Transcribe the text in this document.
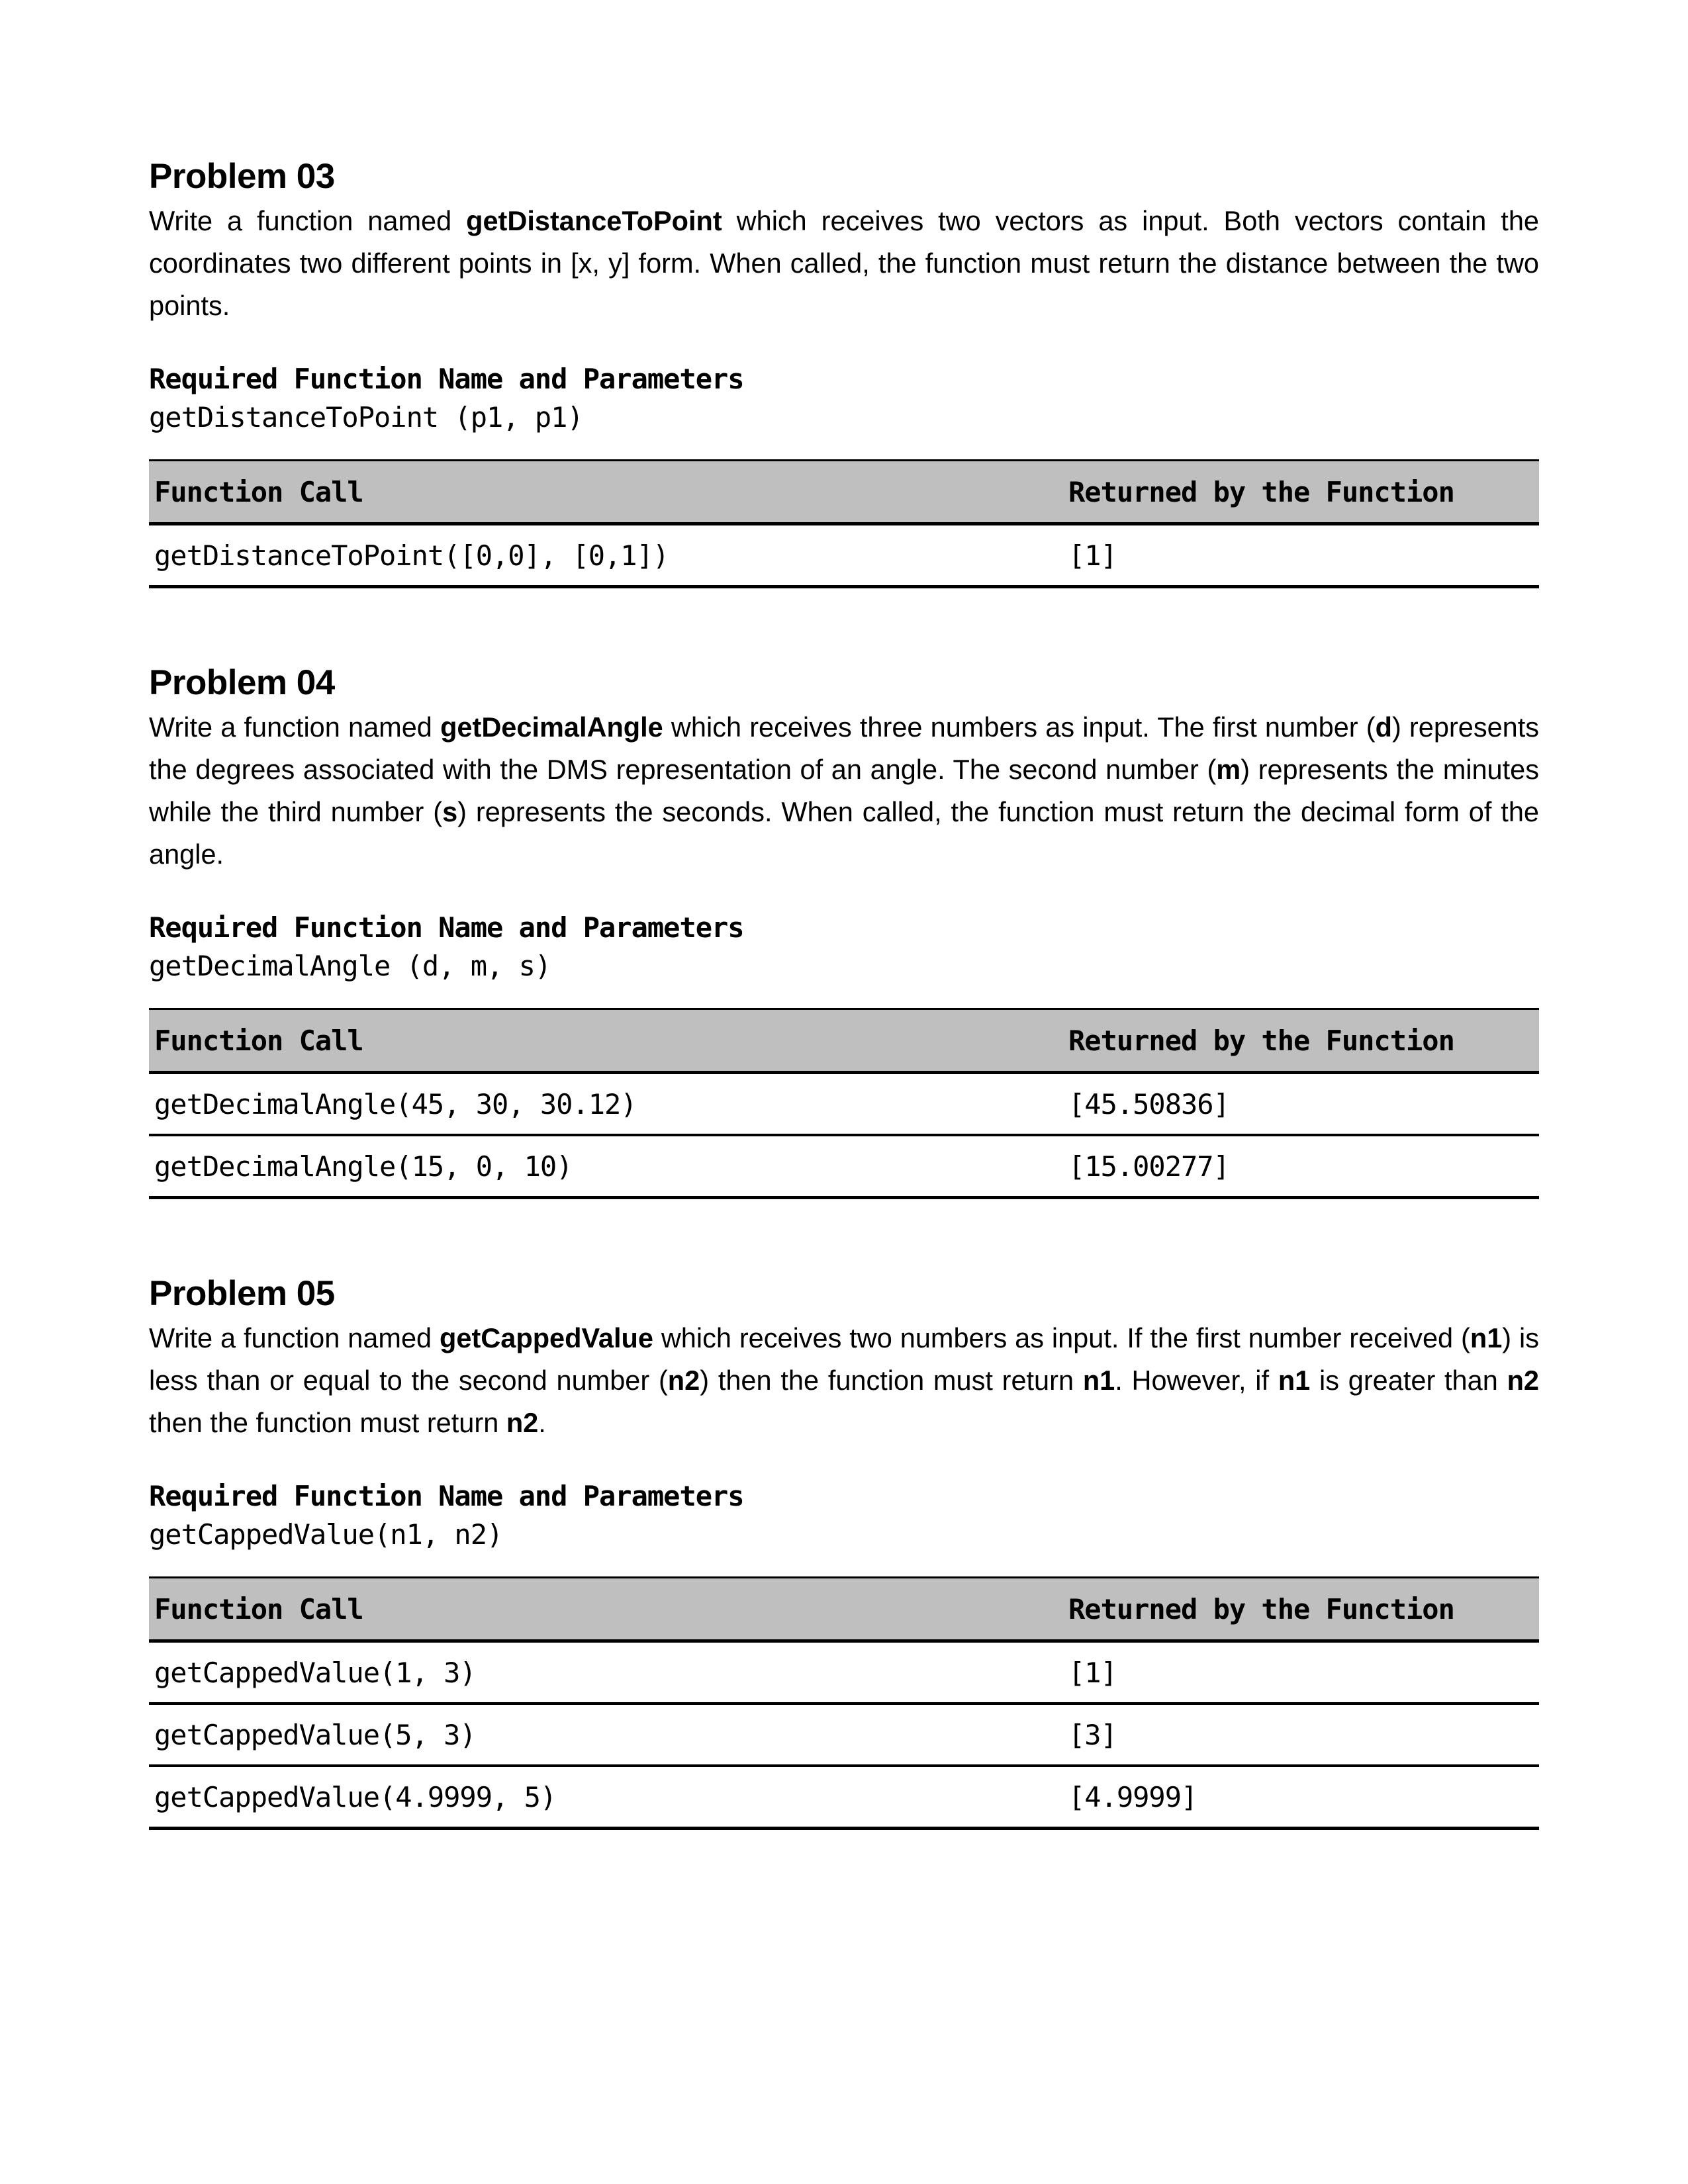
Problem 03

Write a function named getDistanceToPoint which receives two vectors as input. Both vectors contain the coordinates two different points in [x, y] form. When called, the function must return the distance between the two points.

Required Function Name and Parameters
getDistanceToPoint (p1, p1)
Function Call	Returned by the Function
getDistanceToPoint([0,0], [0,1])	[1]
Problem 04

Write a function named getDecimalAngle which receives three numbers as input. The first number (d) represents the degrees associated with the DMS representation of an angle. The second number (m) represents the minutes while the third number (s) represents the seconds. When called, the function must return the decimal form of the angle.

Required Function Name and Parameters
getDecimalAngle (d, m, s)
Function Call	Returned by the Function
getDecimalAngle(45, 30, 30.12)	[45.50836]
getDecimalAngle(15, 0, 10)	[15.00277]
Problem 05

Write a function named getCappedValue which receives two numbers as input. If the first number received (n1) is less than or equal to the second number (n2) then the function must return n1. However, if n1 is greater than n2 then the function must return n2.

Required Function Name and Parameters
getCappedValue(n1, n2)
Function Call	Returned by the Function
getCappedValue(1, 3)	[1]
getCappedValue(5, 3)	[3]
getCappedValue(4.9999, 5)	[4.9999]
